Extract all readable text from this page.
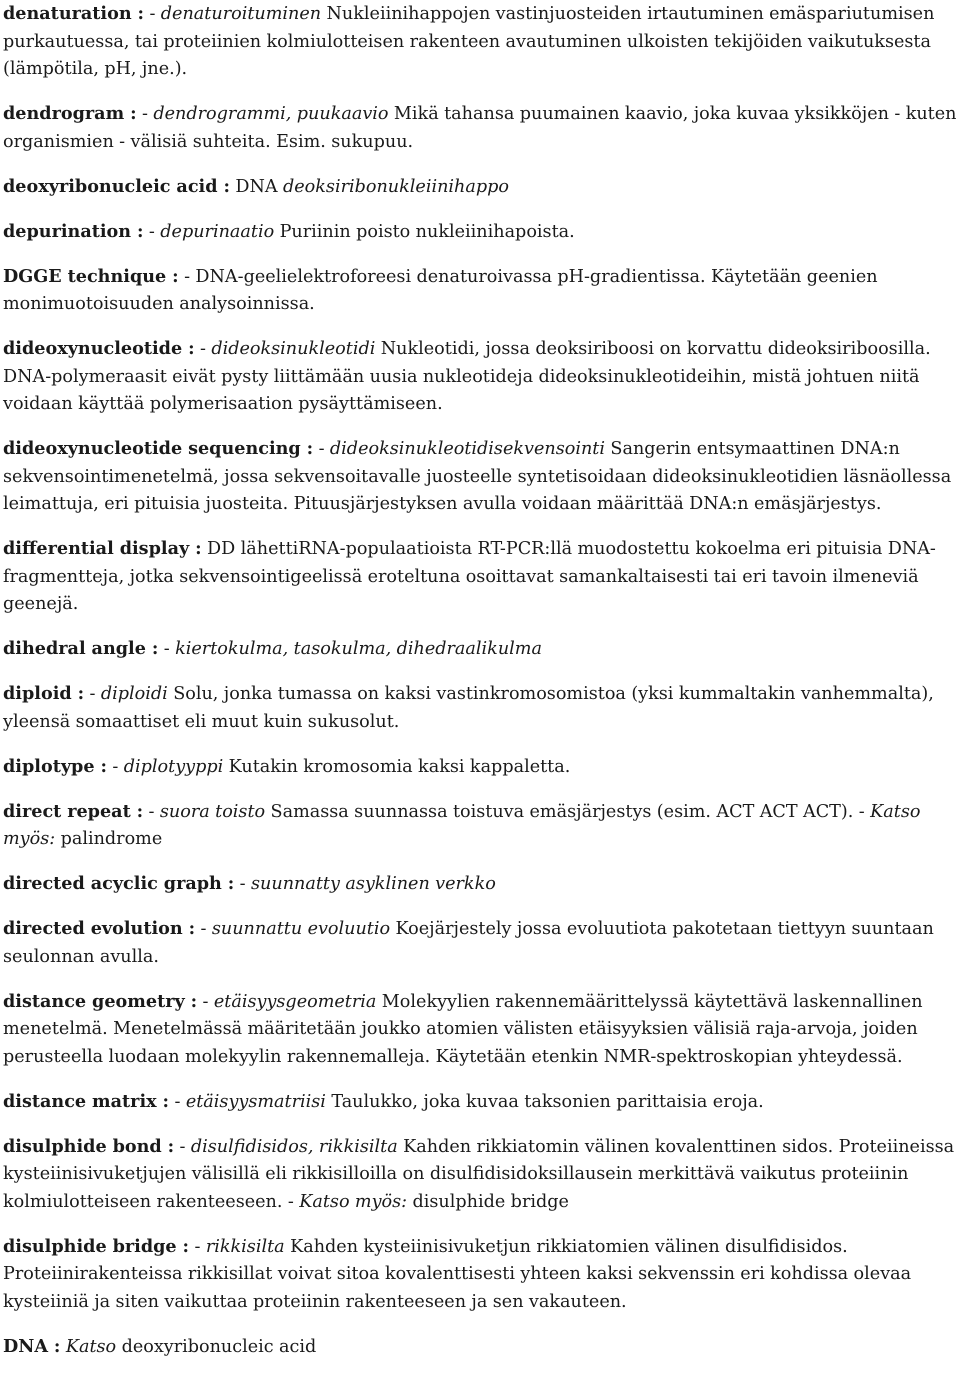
denaturation : - denaturoituminen Nukleiinihappojen vastinjuosteiden irtautuminen emäspariutumisen purkautuessa, tai proteiinien kolmiulotteisen rakenteen avautuminen ulkoisten tekijöiden vaikutuksesta (lämpötila, pH, jne.).

dendrogram : - dendrogrammi, puukaavio Mikä tahansa puumainen kaavio, joka kuvaa yksikköjen - kuten organismien - välisiä suhteita. Esim. sukupuu.

deoxyribonucleic acid : DNA deoksiribonukleiinihappo

depurination : - depurinaatio Puriinin poisto nukleiinihapoista.

DGGE technique : - DNA-geelielektroforeesi denaturoivassa pH-gradientissa. Käytetään geenien monimuotoisuuden analysoinnissa.

dideoxynucleotide : - dideoksinukleotidi Nukleotidi, jossa deoksiriboosi on korvattu dideoksiriboosilla. DNA-polymeraasit eivät pysty liittämään uusia nukleotideja dideoksinukleotideihin, mistä johtuen niitä voidaan käyttää polymerisaation pysäyttämiseen.

dideoxynucleotide sequencing : - dideoksinukleotidisekvensointi Sangerin entsymaattinen DNA:n sekvensointimenetelmä, jossa sekvensoitavalle juosteelle syntetisoidaan dideoksinukleotidien läsnäollessa leimattuja, eri pituisia juosteita. Pituusjärjestyksen avulla voidaan määrittää DNA:n emäsjärjestys.

differential display : DD lähettiRNA-populaatioista RT-PCR:llä muodostettu kokoelma eri pituisia DNA-fragmentteja, jotka sekvensointigeelissä eroteltuna osoittavat samankaltaisesti tai eri tavoin ilmeneviä geenejä.

dihedral angle : - kiertokulma, tasokulma, dihedraalikulma

diploid : - diploidi Solu, jonka tumassa on kaksi vastinkromosomistoa (yksi kummaltakin vanhemmalta), yleensä somaattiset eli muut kuin sukusolut.

diplotype : - diplotyyppi Kutakin kromosomia kaksi kappaletta.

direct repeat : - suora toisto Samassa suunnassa toistuva emäsjärjestys (esim. ACT ACT ACT). - Katso myös: palindrome

directed acyclic graph : - suunnatty asyklinen verkko

directed evolution : - suunnattu evoluutio Koejärjestely jossa evoluutiota pakotetaan tiettyyn suuntaan seulonnan avulla.

distance geometry : - etäisyysgeometria Molekyylien rakennemäärittelyssä käytettävä laskennallinen menetelmä. Menetelmässä määritetään joukko atomien välisten etäisyyksien välisiä raja-arvoja, joiden perusteella luodaan molekyylin rakennemalleja. Käytetään etenkin NMR-spektroskopian yhteydessä.

distance matrix : - etäisyysmatriisi Taulukko, joka kuvaa taksonien parittaisia eroja.

disulphide bond : - disulfidisidos, rikkisilta Kahden rikkiatomin välinen kovalenttinen sidos. Proteiineissa kysteiinisivuketjujen välisillä eli rikkisilloilla on disulfidisidoksillausein merkittävä vaikutus proteiinin kolmiulotteiseen rakenteeseen. - Katso myös: disulphide bridge

disulphide bridge : - rikkisilta Kahden kysteiinisivuketjun rikkiatomien välinen disulfidisidos. Proteiinirakenteissa rikkisillat voivat sitoa kovalenttisesti yhteen kaksi sekvenssin eri kohdissa olevaa kysteiiniä ja siten vaikuttaa proteiinin rakenteeseen ja sen vakauteen.

DNA : Katso deoxyribonucleic acid
